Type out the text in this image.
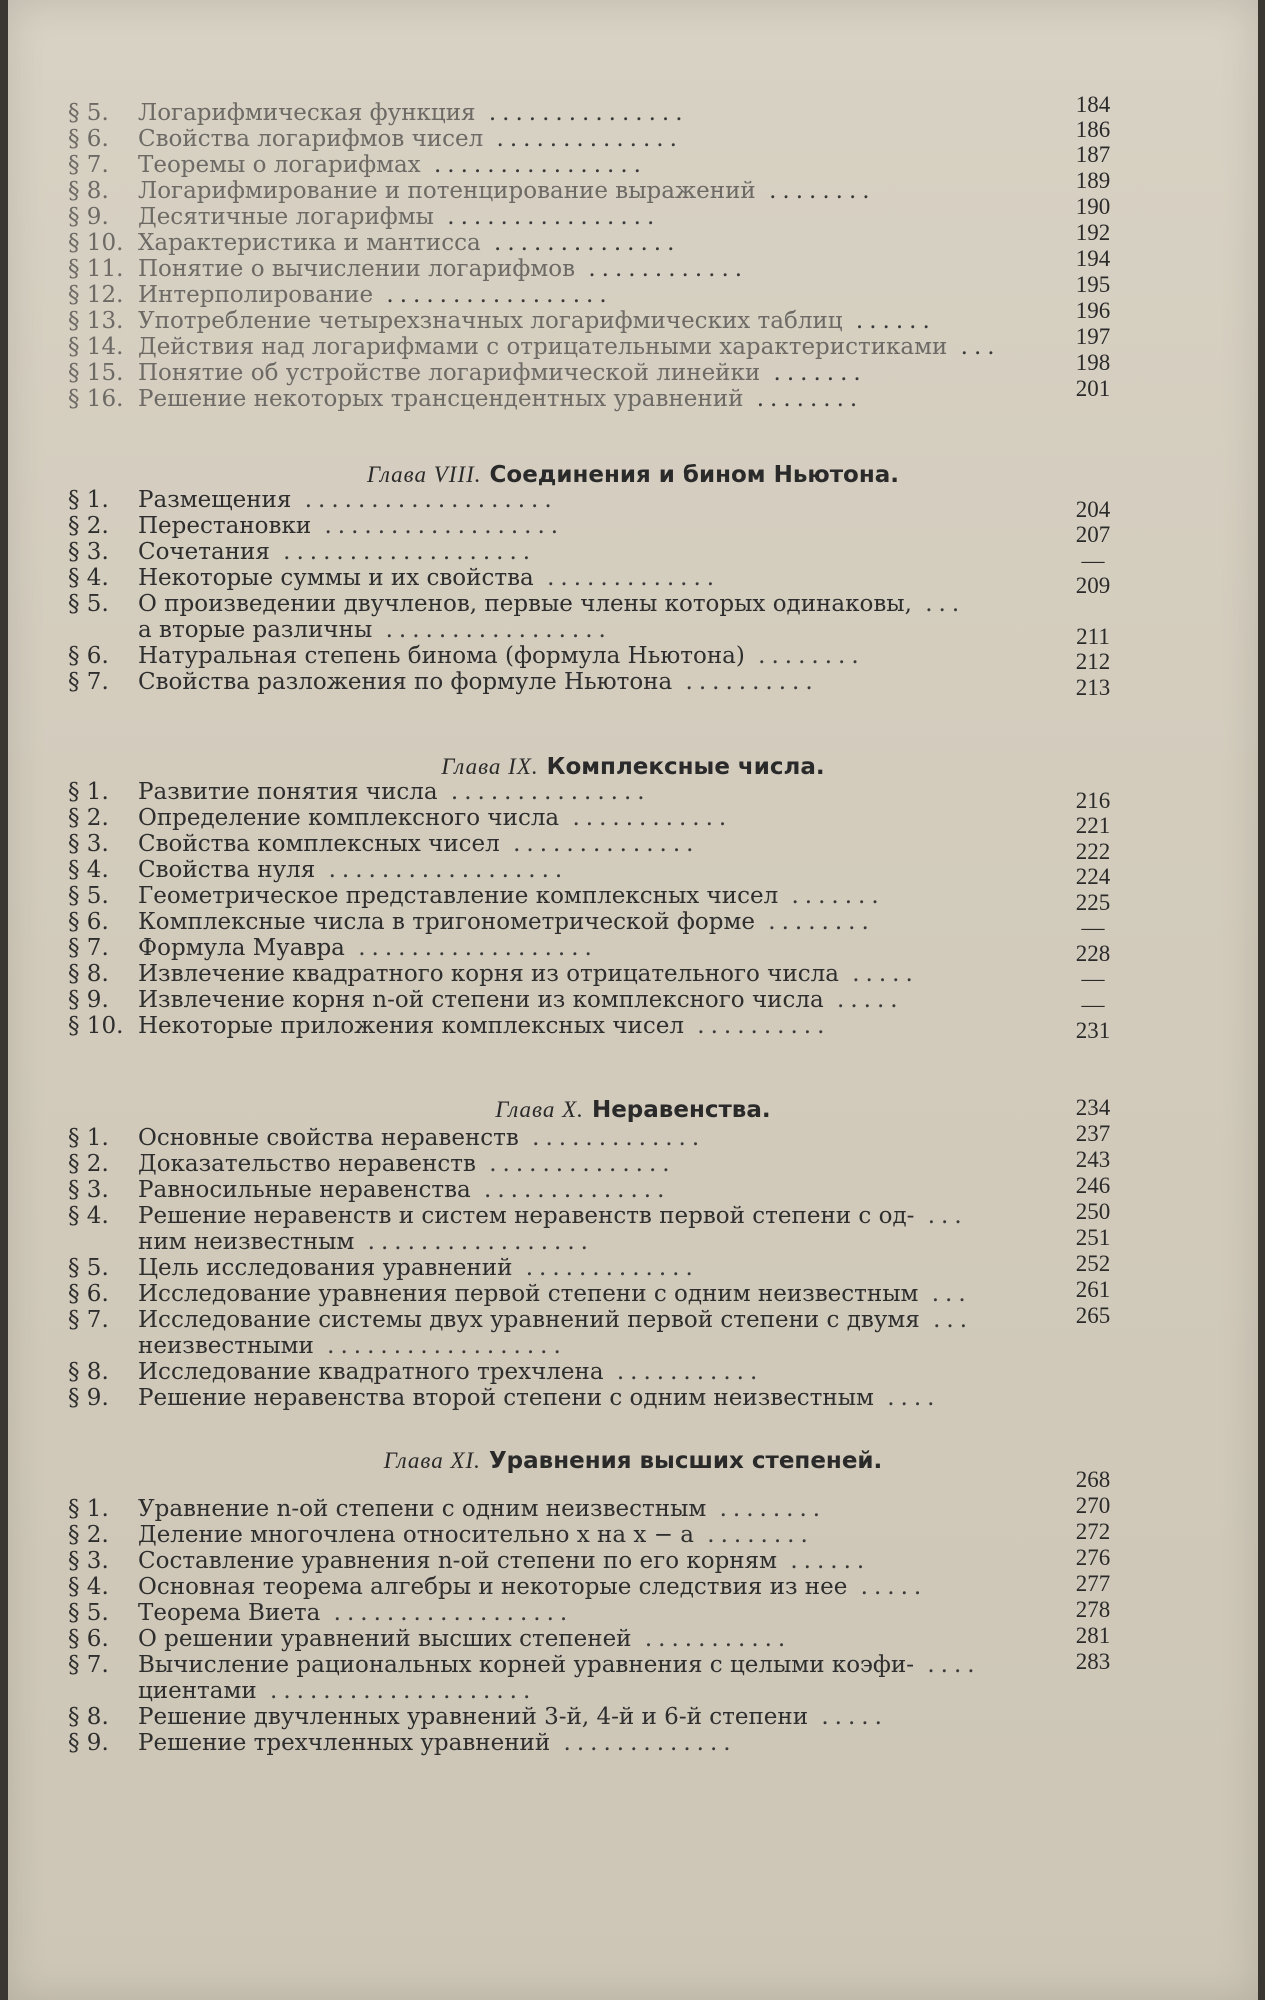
§ 5. Логарифмическая функция ...............
§ 6. Свойства логарифмов чисел ..............
§ 7. Теоремы о логарифмах ................
§ 8. Логарифмирование и потенцирование выражений ........
§ 9. Десятичные логарифмы ................
§ 10. Характеристика и мантисса ..............
§ 11. Понятие о вычислении логарифмов ............
§ 12. Интерполирование .................
§ 13. Употребление четырехзначных логарифмических таблиц ......
§ 14. Действия над логарифмами с отрицательными характеристиками ...
§ 15. Понятие об устройстве логарифмической линейки .......
§ 16. Решение некоторых трансцендентных уравнений ........
Глава VIII. Соединения и бином Ньютона.
§ 1. Размещения ...................
§ 2. Перестановки ..................
§ 3. Сочетания ...................
§ 4. Некоторые суммы и их свойства .............
§ 5. О произведении двучленов, первые члены которых одинаковы, ...
а вторые различны .................
§ 6. Натуральная степень бинома (формула Ньютона) ........
§ 7. Свойства разложения по формуле Ньютона ..........
Глава IX. Комплексные числа.
§ 1. Развитие понятия числа ...............
§ 2. Определение комплексного числа ............
§ 3. Свойства комплексных чисел ..............
§ 4. Свойства нуля ..................
§ 5. Геометрическое представление комплексных чисел .......
§ 6. Комплексные числа в тригонометрической форме ........
§ 7. Формула Муавра ..................
§ 8. Извлечение квадратного корня из отрицательного числа .....
§ 9. Извлечение корня n-ой степени из комплексного числа .....
§ 10. Некоторые приложения комплексных чисел ..........
Глава X. Неравенства.
§ 1. Основные свойства неравенств .............
§ 2. Доказательство неравенств ..............
§ 3. Равносильные неравенства ..............
§ 4. Решение неравенств и систем неравенств первой степени с од- ...
ним неизвестным .................
§ 5. Цель исследования уравнений .............
§ 6. Исследование уравнения первой степени с одним неизвестным ...
§ 7. Исследование системы двух уравнений первой степени с двумя ...
неизвестными ..................
§ 8. Исследование квадратного трехчлена ...........
§ 9. Решение неравенства второй степени с одним неизвестным ....
Глава XI. Уравнения высших степеней.
§ 1. Уравнение n-ой степени с одним неизвестным ........
§ 2. Деление многочлена относительно x на x − a ........
§ 3. Составление уравнения n-ой степени по его корням ......
§ 4. Основная теорема алгебры и некоторые следствия из нее .....
§ 5. Теорема Виета ..................
§ 6. О решении уравнений высших степеней ...........
§ 7. Вычисление рациональных корней уравнения с целыми коэфи- ....
циентами ....................
§ 8. Решение двучленных уравнений 3-й, 4-й и 6-й степени .....
§ 9. Решение трехчленных уравнений .............
184
186
187
189
190
192
194
195
196
197
198
201
204
207
—
209
211
212
213
216
221
222
224
225
—
228
—
—
231
234
237
243
246
250
251
252
261
265
268
270
272
276
277
278
281
283
